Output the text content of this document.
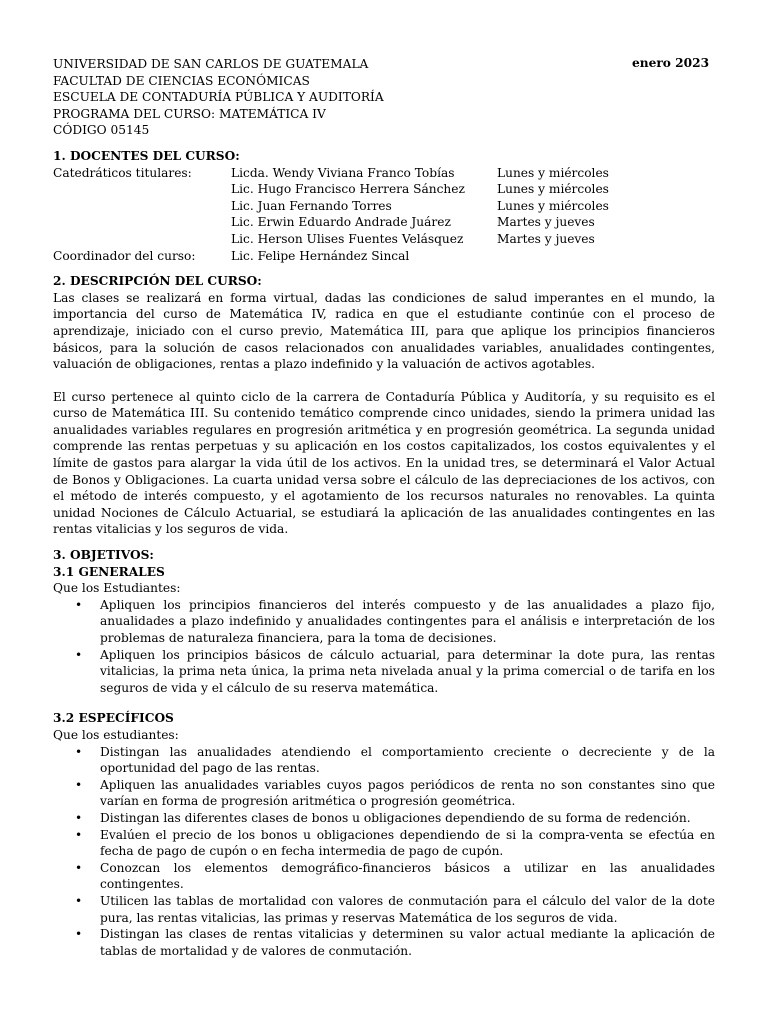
enero 2023
UNIVERSIDAD DE SAN CARLOS DE GUATEMALA
FACULTAD DE CIENCIAS ECONÓMICAS
ESCUELA DE CONTADURÍA PÚBLICA Y AUDITORÍA
PROGRAMA DEL CURSO: MATEMÁTICA IV
CÓDIGO 05145
1. DOCENTES DEL CURSO:
Catedráticos titulares:	Licda. Wendy Viviana Franco Tobías	Lunes y miércoles
Lic. Hugo Francisco Herrera Sánchez	Lunes y miércoles
Lic. Juan Fernando Torres	Lunes y miércoles
Lic. Erwin Eduardo Andrade Juárez	Martes y jueves
Lic. Herson Ulises Fuentes Velásquez	Martes y jueves
Coordinador del curso:	Lic. Felipe Hernández Sincal
2. DESCRIPCIÓN DEL CURSO:

Las clases se realizará en forma virtual, dadas las condiciones de salud imperantes en el mundo, la importancia del curso de Matemática IV, radica en que el estudiante continúe con el proceso de aprendizaje, iniciado con el curso previo, Matemática III, para que aplique los principios financieros básicos, para la solución de casos relacionados con anualidades variables, anualidades contingentes, valuación de obligaciones, rentas a plazo indefinido y la valuación de activos agotables.

El curso pertenece al quinto ciclo de la carrera de Contaduría Pública y Auditoría, y su requisito es el curso de Matemática III. Su contenido temático comprende cinco unidades, siendo la primera unidad las anualidades variables regulares en progresión aritmética y en progresión geométrica. La segunda unidad comprende las rentas perpetuas y su aplicación en los costos capitalizados, los costos equivalentes y el límite de gastos para alargar la vida útil de los activos. En la unidad tres, se determinará el Valor Actual de Bonos y Obligaciones. La cuarta unidad versa sobre el cálculo de las depreciaciones de los activos, con el método de interés compuesto, y el agotamiento de los recursos naturales no renovables. La quinta unidad Nociones de Cálculo Actuarial, se estudiará la aplicación de las anualidades contingentes en las rentas vitalicias y los seguros de vida.

3. OBJETIVOS:
3.1 GENERALES
Que los Estudiantes:
• Apliquen los principios financieros del interés compuesto y de las anualidades a plazo fijo, anualidades a plazo indefinido y anualidades contingentes para el análisis e interpretación de los problemas de naturaleza financiera, para la toma de decisiones.
• Apliquen los principios básicos de cálculo actuarial, para determinar la dote pura, las rentas vitalicias, la prima neta única, la prima neta nivelada anual y la prima comercial o de tarifa en los seguros de vida y el cálculo de su reserva matemática.
3.2 ESPECÍFICOS
Que los estudiantes:
• Distingan las anualidades atendiendo el comportamiento creciente o decreciente y de la oportunidad del pago de las rentas.
• Apliquen las anualidades variables cuyos pagos periódicos de renta no son constantes sino que varían en forma de progresión aritmética o progresión geométrica.
• Distingan las diferentes clases de bonos u obligaciones dependiendo de su forma de redención.
• Evalúen el precio de los bonos u obligaciones dependiendo de si la compra-venta se efectúa en fecha de pago de cupón o en fecha intermedia de pago de cupón.
• Conozcan los elementos demográfico-financieros básicos a utilizar en las anualidades contingentes.
• Utilicen las tablas de mortalidad con valores de conmutación para el cálculo del valor de la dote pura, las rentas vitalicias, las primas y reservas Matemática de los seguros de vida.
• Distingan las clases de rentas vitalicias y determinen su valor actual mediante la aplicación de tablas de mortalidad y de valores de conmutación.
